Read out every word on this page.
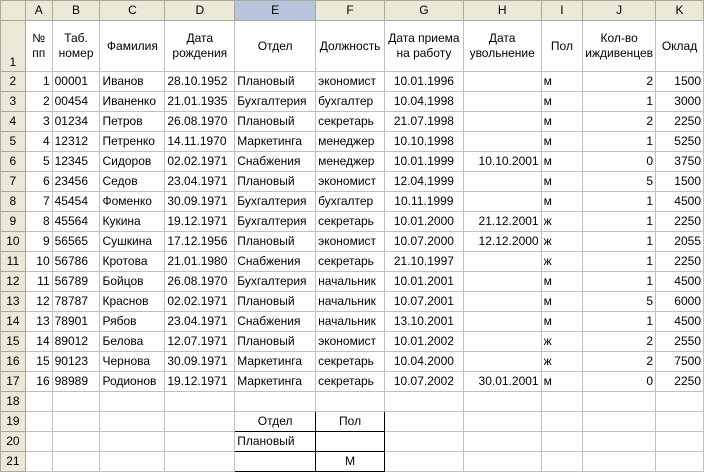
	A	B	C	D	E	F	G	H	I	J	K
1	№ пп	Таб. номер	Фамилия	Дата рождения	Отдел	Должность	Дата приема на работу	Дата увольнение	Пол	Кол-во иждивенцев	Оклад
2	1	00001	Иванов	28.10.1952	Плановый	экономист	10.01.1996		м	2	1500
3	2	00454	Иваненко	21.01.1935	Бухгалтерия	бухгалтер	10.04.1998		м	1	3000
4	3	01234	Петров	26.08.1970	Плановый	секретарь	21.07.1998		м	2	2250
5	4	12312	Петренко	14.11.1970	Маркетинга	менеджер	10.10.1998		м	1	5250
6	5	12345	Сидоров	02.02.1971	Снабжения	менеджер	10.01.1999	10.10.2001	м	0	3750
7	6	23456	Седов	23.04.1971	Плановый	экономист	12.04.1999		м	5	1500
8	7	45454	Фоменко	30.09.1971	Бухгалтерия	бухгалтер	10.11.1999		м	1	4500
9	8	45564	Кукина	19.12.1971	Бухгалтерия	секретарь	10.01.2000	21.12.2001	ж	1	2250
10	9	56565	Сушкина	17.12.1956	Плановый	экономист	10.07.2000	12.12.2000	ж	1	2055
11	10	56786	Кротова	21.01.1980	Снабжения	секретарь	21.10.1997		ж	1	2250
12	11	56789	Бойцов	26.08.1970	Бухгалтерия	начальник	10.01.2001		м	1	4500
13	12	78787	Краснов	02.02.1971	Плановый	начальник	10.07.2001		м	5	6000
14	13	78901	Рябов	23.04.1971	Снабжения	начальник	13.10.2001		м	1	4500
15	14	89012	Белова	12.07.1971	Плановый	экономист	10.01.2002		ж	2	2550
16	15	90123	Чернова	30.09.1971	Маркетинга	секретарь	10.04.2000		ж	2	7500
17	16	98989	Родионов	19.12.1971	Маркетинга	секретарь	10.07.2002	30.01.2001	м	0	2250
18											
19					Отдел	Пол					
20					Плановый						
21						М					
